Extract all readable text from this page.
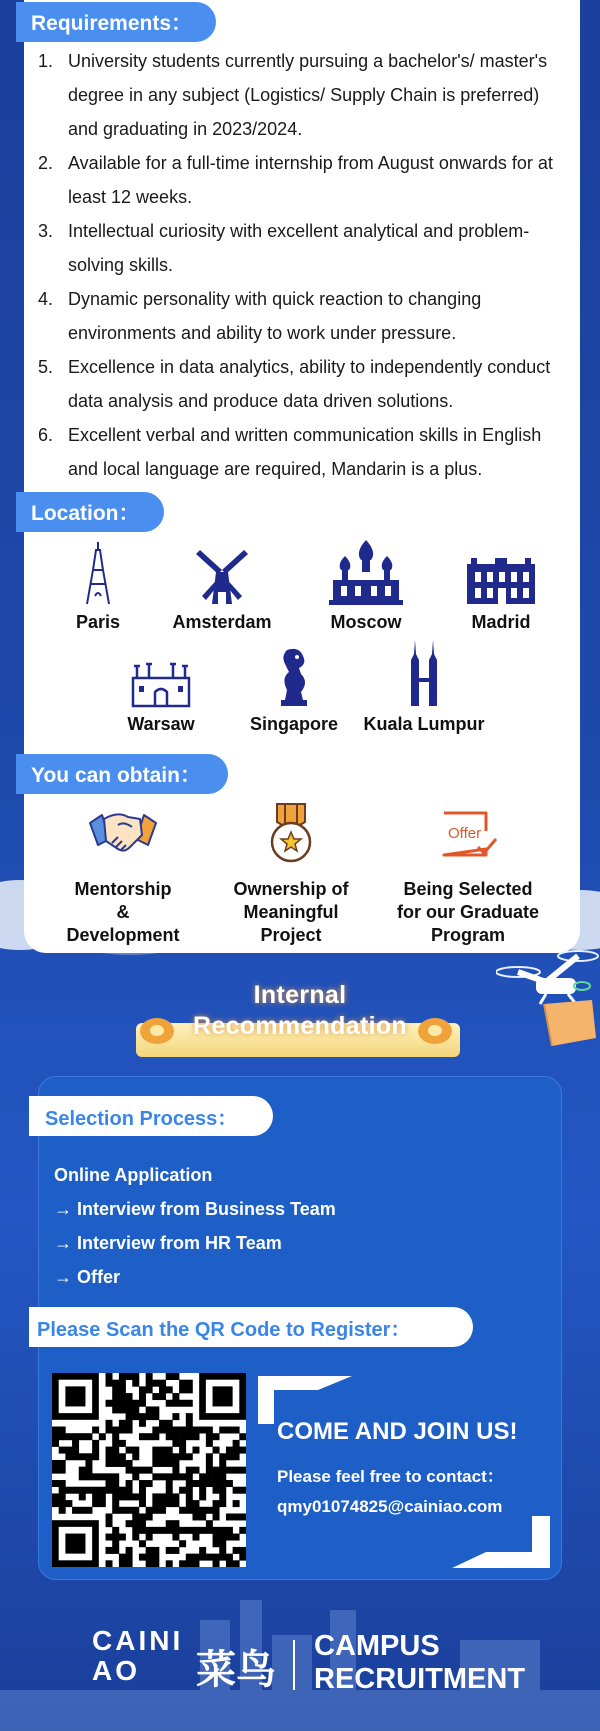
Requirements：
1. University students currently pursuing a bachelor's/ master's degree in any subject (Logistics/ Supply Chain is preferred) and graduating in 2023/2024.
2. Available for a full-time internship from August onwards for at least 12 weeks.
3. Intellectual curiosity with excellent analytical and problem-solving skills.
4. Dynamic personality with quick reaction to changing environments and ability to work under pressure.
5. Excellence in data analytics, ability to independently conduct data analysis and produce data driven solutions.
6. Excellent verbal and written communication skills in English and local language are required, Mandarin is a plus.
Location：
Paris	Amsterdam	Moscow	Madrid
Warsaw	Singapore	Kuala Lumpur
You can obtain：
Mentorship
&
Development
Ownership of
Meaningful
Project
Offer
Being Selected
for our Graduate
Program
Internal
Recommendation
Selection Process：
Online Application
→ Interview from Business Team
→ Interview from HR Team
→ Offer
Please Scan the QR Code to Register：
COME AND JOIN US!
Please feel free to contact：
qmy01074825@cainiao.com
CAINIAO	菜鸟
CAMPUS
RECRUITMENT
